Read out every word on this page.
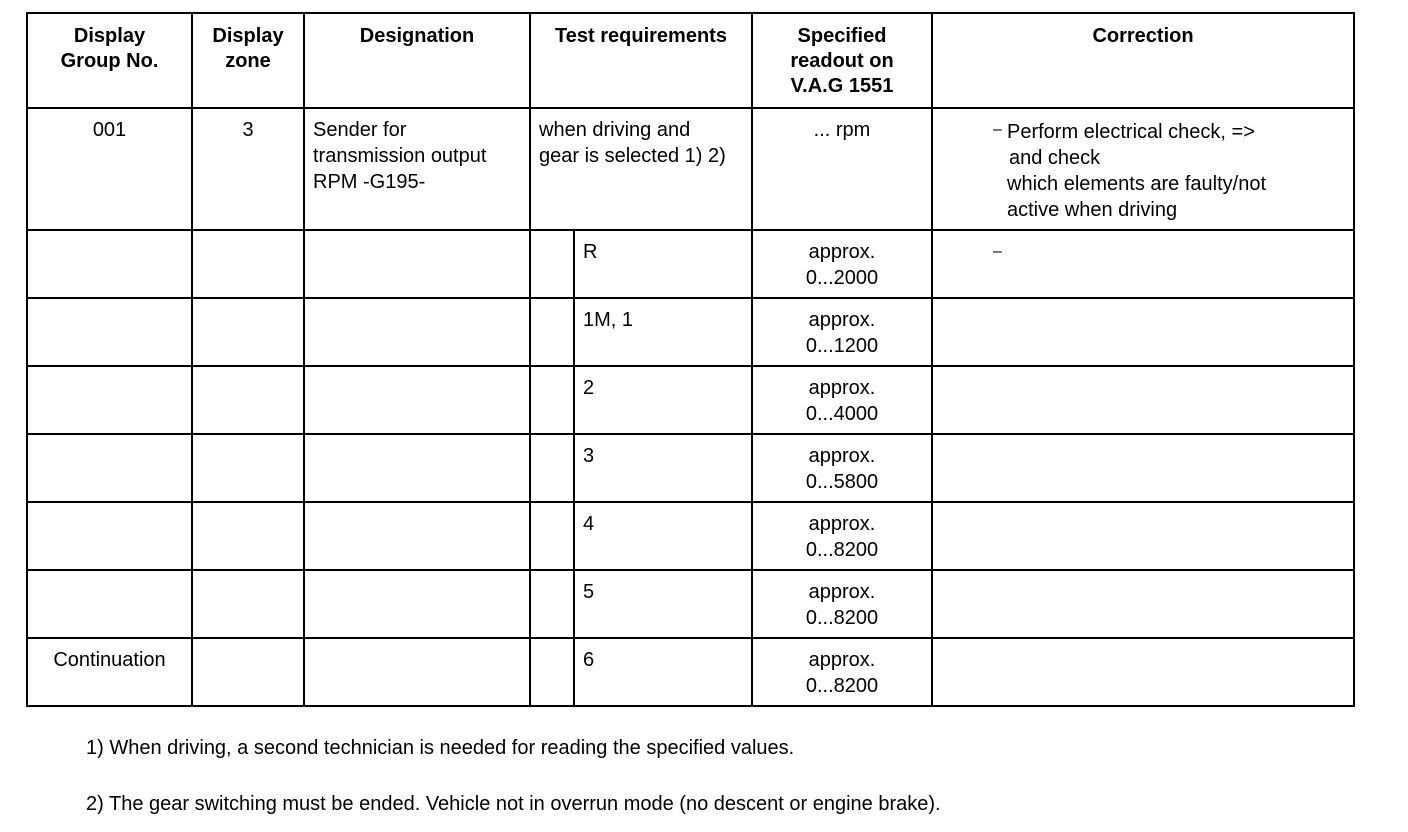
Display Group No.	Display zone	Designation	Test requirements		Specified readout on V.A.G 1551	Correction

001	3	Sender for transmission output RPM -G195-	when driving and gear is selected 1) 2)		... rpm	– Perform electrical check, =>
and check
which elements are faulty/not active when driving

				R	approx.
0...2000	–

				1M, 1	approx.
0...1200	

				2	approx.
0...4000	

				3	approx.
0...5800	

				4	approx.
0...8200	

				5	approx.
0...8200	

Continuation				6	approx.
0...8200	

1) When driving, a second technician is needed for reading the specified values.
2) The gear switching must be ended. Vehicle not in overrun mode (no descent or engine brake).
